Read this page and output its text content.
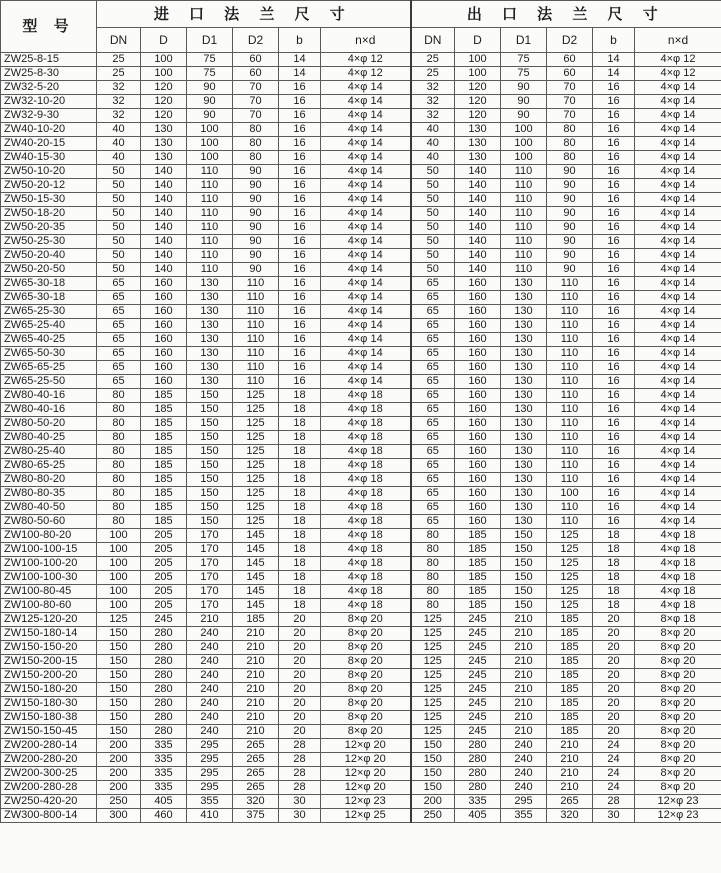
型 号	进 口 法 兰 尺 寸						出 口 法 兰 尺 寸					
	DN	D	D1	D2	b	n×d	DN	D	D1	D2	b	n×d
ZW25-8-15	25	100	75	60	14	4×φ 12	25	100	75	60	14	4×φ 12
ZW25-8-30	25	100	75	60	14	4×φ 12	25	100	75	60	14	4×φ 12
ZW32-5-20	32	120	90	70	16	4×φ 14	32	120	90	70	16	4×φ 14
ZW32-10-20	32	120	90	70	16	4×φ 14	32	120	90	70	16	4×φ 14
ZW32-9-30	32	120	90	70	16	4×φ 14	32	120	90	70	16	4×φ 14
ZW40-10-20	40	130	100	80	16	4×φ 14	40	130	100	80	16	4×φ 14
ZW40-20-15	40	130	100	80	16	4×φ 14	40	130	100	80	16	4×φ 14
ZW40-15-30	40	130	100	80	16	4×φ 14	40	130	100	80	16	4×φ 14
ZW50-10-20	50	140	110	90	16	4×φ 14	50	140	110	90	16	4×φ 14
ZW50-20-12	50	140	110	90	16	4×φ 14	50	140	110	90	16	4×φ 14
ZW50-15-30	50	140	110	90	16	4×φ 14	50	140	110	90	16	4×φ 14
ZW50-18-20	50	140	110	90	16	4×φ 14	50	140	110	90	16	4×φ 14
ZW50-20-35	50	140	110	90	16	4×φ 14	50	140	110	90	16	4×φ 14
ZW50-25-30	50	140	110	90	16	4×φ 14	50	140	110	90	16	4×φ 14
ZW50-20-40	50	140	110	90	16	4×φ 14	50	140	110	90	16	4×φ 14
ZW50-20-50	50	140	110	90	16	4×φ 14	50	140	110	90	16	4×φ 14
ZW65-30-18	65	160	130	110	16	4×φ 14	65	160	130	110	16	4×φ 14
ZW65-30-18	65	160	130	110	16	4×φ 14	65	160	130	110	16	4×φ 14
ZW65-25-30	65	160	130	110	16	4×φ 14	65	160	130	110	16	4×φ 14
ZW65-25-40	65	160	130	110	16	4×φ 14	65	160	130	110	16	4×φ 14
ZW65-40-25	65	160	130	110	16	4×φ 14	65	160	130	110	16	4×φ 14
ZW65-50-30	65	160	130	110	16	4×φ 14	65	160	130	110	16	4×φ 14
ZW65-65-25	65	160	130	110	16	4×φ 14	65	160	130	110	16	4×φ 14
ZW65-25-50	65	160	130	110	16	4×φ 14	65	160	130	110	16	4×φ 14
ZW80-40-16	80	185	150	125	18	4×φ 18	65	160	130	110	16	4×φ 14
ZW80-40-16	80	185	150	125	18	4×φ 18	65	160	130	110	16	4×φ 14
ZW80-50-20	80	185	150	125	18	4×φ 18	65	160	130	110	16	4×φ 14
ZW80-40-25	80	185	150	125	18	4×φ 18	65	160	130	110	16	4×φ 14
ZW80-25-40	80	185	150	125	18	4×φ 18	65	160	130	110	16	4×φ 14
ZW80-65-25	80	185	150	125	18	4×φ 18	65	160	130	110	16	4×φ 14
ZW80-80-20	80	185	150	125	18	4×φ 18	65	160	130	110	16	4×φ 14
ZW80-80-35	80	185	150	125	18	4×φ 18	65	160	130	100	16	4×φ 14
ZW80-40-50	80	185	150	125	18	4×φ 18	65	160	130	110	16	4×φ 14
ZW80-50-60	80	185	150	125	18	4×φ 18	65	160	130	110	16	4×φ 14
ZW100-80-20	100	205	170	145	18	4×φ 18	80	185	150	125	18	4×φ 18
ZW100-100-15	100	205	170	145	18	4×φ 18	80	185	150	125	18	4×φ 18
ZW100-100-20	100	205	170	145	18	4×φ 18	80	185	150	125	18	4×φ 18
ZW100-100-30	100	205	170	145	18	4×φ 18	80	185	150	125	18	4×φ 18
ZW100-80-45	100	205	170	145	18	4×φ 18	80	185	150	125	18	4×φ 18
ZW100-80-60	100	205	170	145	18	4×φ 18	80	185	150	125	18	4×φ 18
ZW125-120-20	125	245	210	185	20	8×φ 20	125	245	210	185	20	8×φ 18
ZW150-180-14	150	280	240	210	20	8×φ 20	125	245	210	185	20	8×φ 20
ZW150-150-20	150	280	240	210	20	8×φ 20	125	245	210	185	20	8×φ 20
ZW150-200-15	150	280	240	210	20	8×φ 20	125	245	210	185	20	8×φ 20
ZW150-200-20	150	280	240	210	20	8×φ 20	125	245	210	185	20	8×φ 20
ZW150-180-20	150	280	240	210	20	8×φ 20	125	245	210	185	20	8×φ 20
ZW150-180-30	150	280	240	210	20	8×φ 20	125	245	210	185	20	8×φ 20
ZW150-180-38	150	280	240	210	20	8×φ 20	125	245	210	185	20	8×φ 20
ZW150-150-45	150	280	240	210	20	8×φ 20	125	245	210	185	20	8×φ 20
ZW200-280-14	200	335	295	265	28	12×φ 20	150	280	240	210	24	8×φ 20
ZW200-280-20	200	335	295	265	28	12×φ 20	150	280	240	210	24	8×φ 20
ZW200-300-25	200	335	295	265	28	12×φ 20	150	280	240	210	24	8×φ 20
ZW200-280-28	200	335	295	265	28	12×φ 20	150	280	240	210	24	8×φ 20
ZW250-420-20	250	405	355	320	30	12×φ 23	200	335	295	265	28	12×φ 23
ZW300-800-14	300	460	410	375	30	12×φ 25	250	405	355	320	30	12×φ 23
